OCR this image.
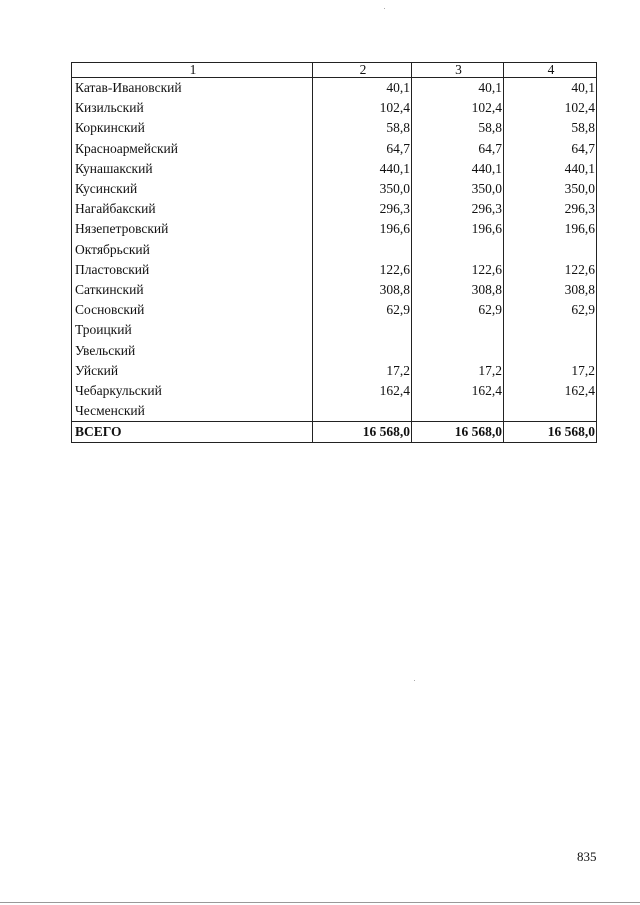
1	2	3	4
Катав-Ивановский	40,1	40,1	40,1
Кизильский	102,4	102,4	102,4
Коркинский	58,8	58,8	58,8
Красноармейский	64,7	64,7	64,7
Кунашакский	440,1	440,1	440,1
Кусинский	350,0	350,0	350,0
Нагайбакский	296,3	296,3	296,3
Нязепетровский	196,6	196,6	196,6
Октябрьский			
Пластовский	122,6	122,6	122,6
Саткинский	308,8	308,8	308,8
Сосновский	62,9	62,9	62,9
Троицкий			
Увельский			
Уйский	17,2	17,2	17,2
Чебаркульский	162,4	162,4	162,4
Чесменский			
ВСЕГО	16 568,0	16 568,0	16 568,0
835
